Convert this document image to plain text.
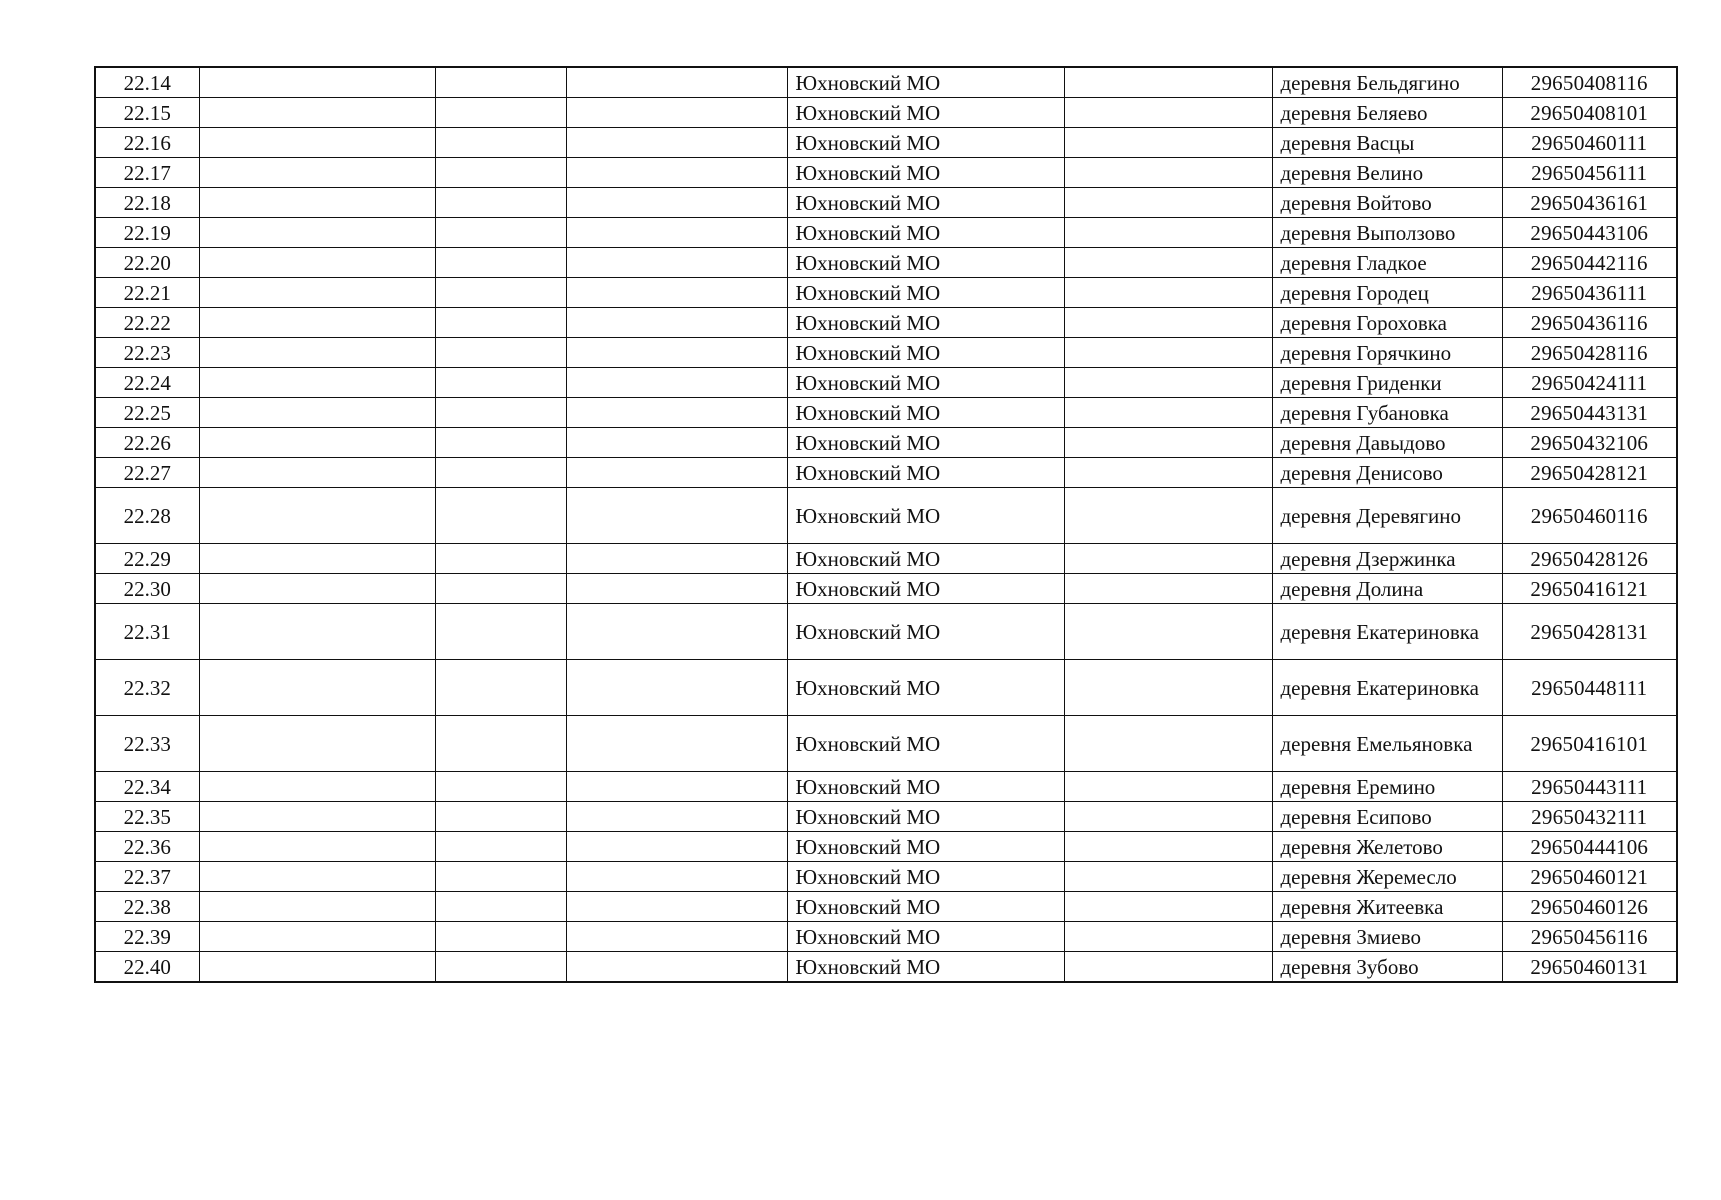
22.14				Юхновский МО		деревня Бельдягино	29650408116
22.15				Юхновский МО		деревня Беляево	29650408101
22.16				Юхновский МО		деревня Васцы	29650460111
22.17				Юхновский МО		деревня Велино	29650456111
22.18				Юхновский МО		деревня Войтово	29650436161
22.19				Юхновский МО		деревня Выползово	29650443106
22.20				Юхновский МО		деревня Гладкое	29650442116
22.21				Юхновский МО		деревня Городец	29650436111
22.22				Юхновский МО		деревня Гороховка	29650436116
22.23				Юхновский МО		деревня Горячкино	29650428116
22.24				Юхновский МО		деревня Гриденки	29650424111
22.25				Юхновский МО		деревня Губановка	29650443131
22.26				Юхновский МО		деревня Давыдово	29650432106
22.27				Юхновский МО		деревня Денисово	29650428121
22.28				Юхновский МО		деревня Деревягино	29650460116
22.29				Юхновский МО		деревня Дзержинка	29650428126
22.30				Юхновский МО		деревня Долина	29650416121
22.31				Юхновский МО		деревня Екатериновка	29650428131
22.32				Юхновский МО		деревня Екатериновка	29650448111
22.33				Юхновский МО		деревня Емельяновка	29650416101
22.34				Юхновский МО		деревня Еремино	29650443111
22.35				Юхновский МО		деревня Есипово	29650432111
22.36				Юхновский МО		деревня Желетово	29650444106
22.37				Юхновский МО		деревня Жеремесло	29650460121
22.38				Юхновский МО		деревня Житеевка	29650460126
22.39				Юхновский МО		деревня Змиево	29650456116
22.40				Юхновский МО		деревня Зубово	29650460131
